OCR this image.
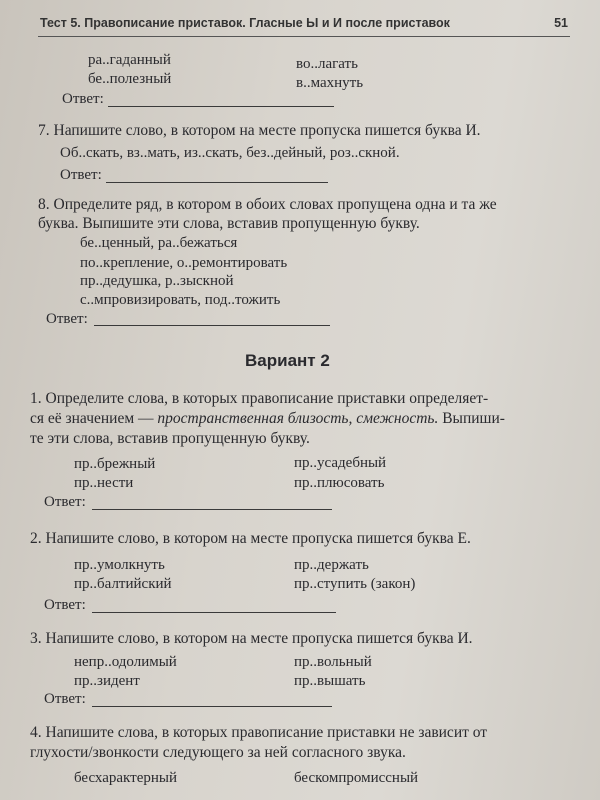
Тест 5. Правописание приставок. Гласные Ы и И после приставок	51
ра..гаданный	во..лагать
бе..полезный	в..махнуть
Ответ:
7. Напишите слово, в котором на месте пропуска пишется буква И.
Об..скать, вз..мать, из..скать, без..дейный, роз..скной.
Ответ:
8. Определите ряд, в котором в обоих словах пропущена одна и та же
буква. Выпишите эти слова, вставив пропущенную букву.
бе..ценный, ра..бежаться
по..крепление, о..ремонтировать
пр..дедушка, р..зыскной
с..мпровизировать, под..тожить
Ответ:
Вариант 2
1. Определите слова, в которых правописание приставки определяет-
ся её значением — пространственная близость, смежность. Выпиши-
те эти слова, вставив пропущенную букву.
пр..брежный	пр..усадебный
пр..нести	пр..плюсовать
Ответ:
2. Напишите слово, в котором на месте пропуска пишется буква Е.
пр..умолкнуть	пр..держать
пр..балтийский	пр..ступить (закон)
Ответ:
3. Напишите слово, в котором на месте пропуска пишется буква И.
непр..одолимый	пр..вольный
пр..зидент	пр..вышать
Ответ:
4. Напишите слова, в которых правописание приставки не зависит от
глухости/звонкости следующего за ней согласного звука.
бесхарактерный	бескомпромиссный
